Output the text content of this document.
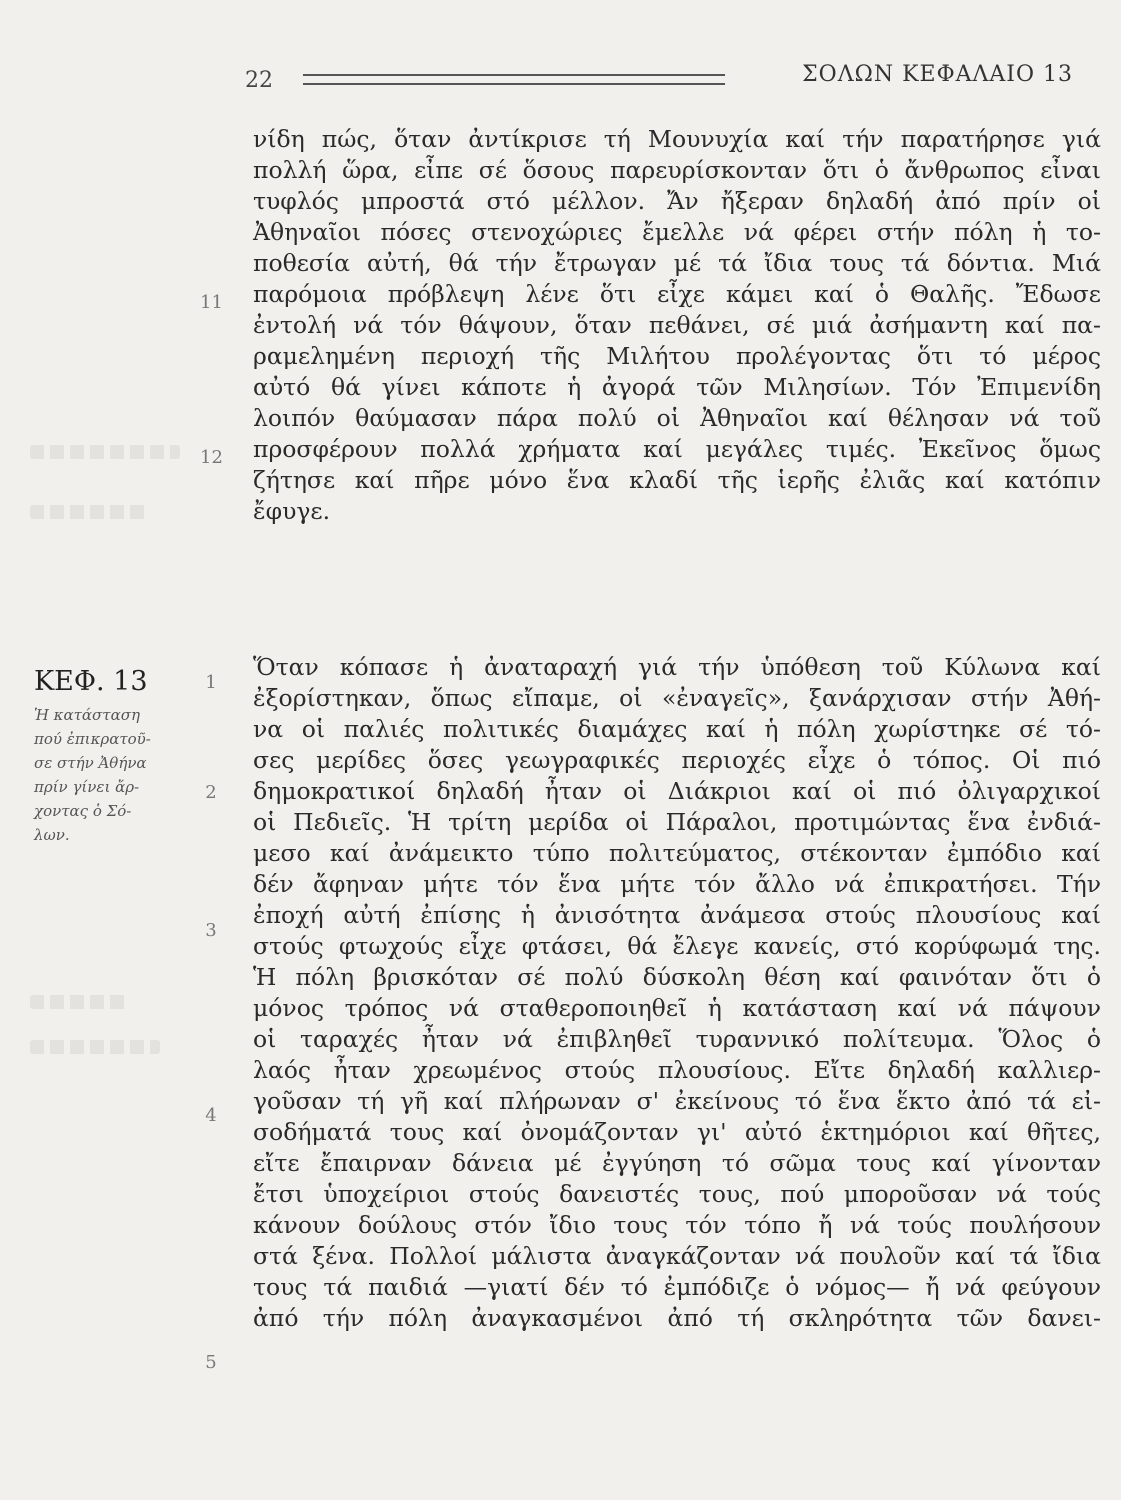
22	ΣΟΛΩΝ ΚΕΦΑΛΑΙΟ 13
νίδη πώς, ὅταν ἀντίκρισε τή Μουνυχία καί τήν παρατήρησε γιά
πολλή ὥρα, εἶπε σέ ὅσους παρευρίσκονταν ὅτι ὁ ἄνθρωπος εἶναι
τυφλός μπροστά στό μέλλον. Ἄν ἤξεραν δηλαδή ἀπό πρίν οἱ
Ἀθηναῖοι πόσες στενοχώριες ἔμελλε νά φέρει στήν πόλη ἡ το-
ποθεσία αὐτή, θά τήν ἔτρωγαν μέ τά ἴδια τους τά δόντια. Μιά
παρόμοια πρόβλεψη λένε ὅτι εἶχε κάμει καί ὁ Θαλῆς. Ἔδωσε
ἐντολή νά τόν θάψουν, ὅταν πεθάνει, σέ μιά ἀσήμαντη καί πα-
ραμελημένη περιοχή τῆς Μιλήτου προλέγοντας ὅτι τό μέρος
αὐτό θά γίνει κάποτε ἡ ἀγορά τῶν Μιλησίων. Τόν Ἐπιμενίδη
λοιπόν θαύμασαν πάρα πολύ οἱ Ἀθηναῖοι καί θέλησαν νά τοῦ
προσφέρουν πολλά χρήματα καί μεγάλες τιμές. Ἐκεῖνος ὅμως
ζήτησε καί πῆρε μόνο ἕνα κλαδί τῆς ἱερῆς ἐλιᾶς καί κατόπιν
ἔφυγε.
Ὅταν κόπασε ἡ ἀναταραχή γιά τήν ὑπόθεση τοῦ Κύλωνα καί
ἐξορίστηκαν, ὅπως εἴπαμε, οἱ «ἐναγεῖς», ξανάρχισαν στήν Ἀθή-
να οἱ παλιές πολιτικές διαμάχες καί ἡ πόλη χωρίστηκε σέ τό-
σες μερίδες ὅσες γεωγραφικές περιοχές εἶχε ὁ τόπος. Οἱ πιό
δημοκρατικοί δηλαδή ἦταν οἱ Διάκριοι καί οἱ πιό ὀλιγαρχικοί
οἱ Πεδιεῖς. Ἡ τρίτη μερίδα οἱ Πάραλοι, προτιμώντας ἕνα ἐνδιά-
μεσο καί ἀνάμεικτο τύπο πολιτεύματος, στέκονταν ἐμπόδιο καί
δέν ἄφηναν μήτε τόν ἕνα μήτε τόν ἄλλο νά ἐπικρατήσει. Τήν
ἐποχή αὐτή ἐπίσης ἡ ἀνισότητα ἀνάμεσα στούς πλουσίους καί
στούς φτωχούς εἶχε φτάσει, θά ἔλεγε κανείς, στό κορύφωμά της.
Ἡ πόλη βρισκόταν σέ πολύ δύσκολη θέση καί φαινόταν ὅτι ὁ
μόνος τρόπος νά σταθεροποιηθεῖ ἡ κατάσταση καί νά πάψουν
οἱ ταραχές ἦταν νά ἐπιβληθεῖ τυραννικό πολίτευμα. Ὅλος ὁ
λαός ἦταν χρεωμένος στούς πλουσίους. Εἴτε δηλαδή καλλιερ-
γοῦσαν τή γῆ καί πλήρωναν σ' ἐκείνους τό ἕνα ἕκτο ἀπό τά εἰ-
σοδήματά τους καί ὀνομάζονταν γι' αὐτό ἑκτημόριοι καί θῆτες,
εἴτε ἔπαιρναν δάνεια μέ ἐγγύηση τό σῶμα τους καί γίνονταν
ἔτσι ὑποχείριοι στούς δανειστές τους, πού μποροῦσαν νά τούς
κάνουν δούλους στόν ἴδιο τους τόν τόπο ἤ νά τούς πουλήσουν
στά ξένα. Πολλοί μάλιστα ἀναγκάζονταν νά πουλοῦν καί τά ἴδια
τους τά παιδιά —γιατί δέν τό ἐμπόδιζε ὁ νόμος— ἤ νά φεύγουν
ἀπό τήν πόλη ἀναγκασμένοι ἀπό τή σκληρότητα τῶν δανει-
11
12
1
2
3
4
5
ΚΕΦ. 13
Ἡ κατάσταση
πού ἐπικρατοῦ-
σε στήν Ἀθήνα
πρίν γίνει ἄρ-
χοντας ὁ Σό-
λων.
